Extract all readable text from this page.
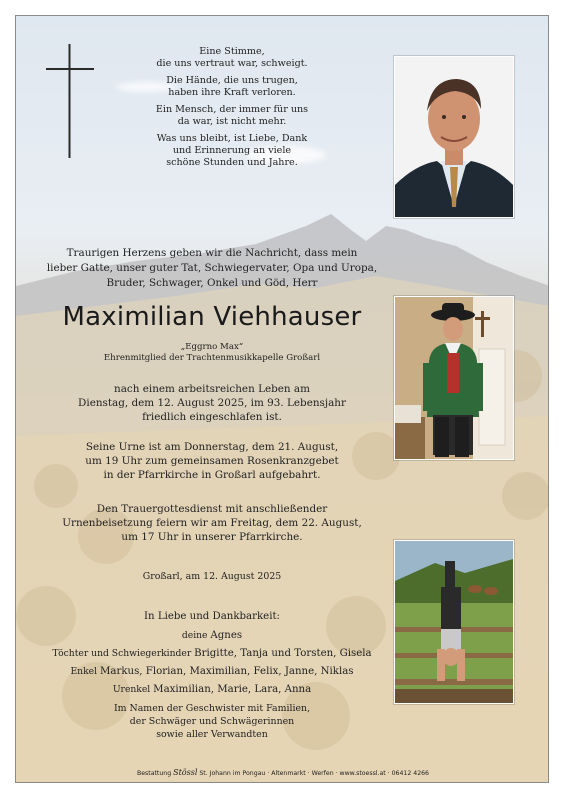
Eine Stimme,
die uns vertraut war, schweigt.

Die Hände, die uns trugen,
haben ihre Kraft verloren.

Ein Mensch, der immer für uns
da war, ist nicht mehr.

Was uns bleibt, ist Liebe, Dank
und Erinnerung an viele
schöne Stunden und Jahre.

Traurigen Herzens geben wir die Nachricht, dass mein
lieber Gatte, unser guter Tat, Schwiegervater, Opa und Uropa,
Bruder, Schwager, Onkel und Göd, Herr
Maximilian Viehhauser
„Eggrno Max“
Ehrenmitglied der Trachtenmusikkapelle Großarl
nach einem arbeitsreichen Leben am
Dienstag, dem 12. August 2025, im 93. Lebensjahr
friedlich eingeschlafen ist.
Seine Urne ist am Donnerstag, dem 21. August,
um 19 Uhr zum gemeinsamen Rosenkranzgebet
in der Pfarrkirche in Großarl aufgebahrt.
Den Trauergottesdienst mit anschließender
Urnenbeisetzung feiern wir am Freitag, dem 22. August,
um 17 Uhr in unserer Pfarrkirche.
Großarl, am 12. August 2025
In Liebe und Dankbarkeit:
deine Agnes
Töchter und Schwiegerkinder Brigitte, Tanja und Torsten, Gisela
Enkel Markus, Florian, Maximilian, Felix, Janne, Niklas
Urenkel Maximilian, Marie, Lara, Anna
Im Namen der Geschwister mit Familien,
der Schwäger und Schwägerinnen
sowie aller Verwandten
Bestattung Stössl St. Johann im Pongau · Altenmarkt · Werfen · www.stoessl.at · 06412 4266
